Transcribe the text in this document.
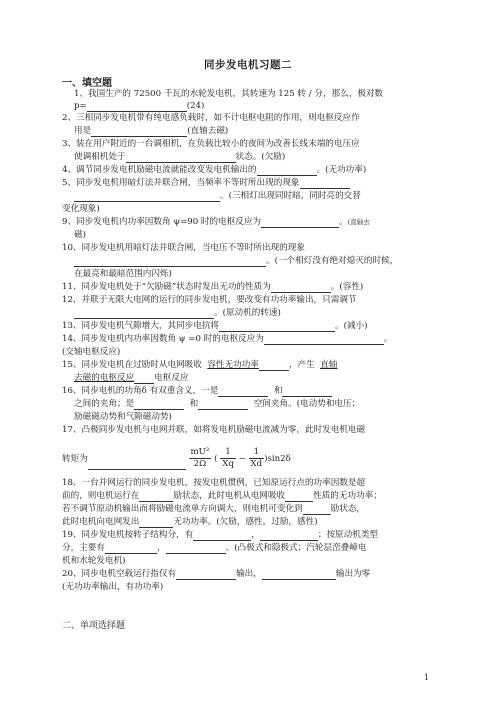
同步发电机习题二
一、填空题
1、我国生产的 72500 千瓦的水轮发电机，其转速为 125 转 / 分，那么，极对数
p=	(24)
2、三相同步发电机带有纯电感负载时，如不计电枢电阻的作用，则电枢反应作
用是	(直轴去磁)
3、装在用户附近的一台调相机，在负载比较小的夜间为改善长线末端的电压应
使调相机处于	状态。(欠励)
4、调节同步发电机励磁电流就能改变发电机输出的	。(无功功率)
5、同步发电机用暗灯法并联合闸，当频率不等时所出现的现象
。(三相灯出现同时暗，同时亮的交替
变化现象)
9、同步发电机内功率因数角 ψ=90 时的电枢反应为	。(直轴去
磁)
10、同步发电机用暗灯法并联合闸，当电压不等时所出现的现象
。(一个相灯没有绝对熄灭的时候，
在最亮和最暗范围内闪烁)
11、同步发电机处于“欠励磁”状态时发出无功的性质为	。(容性)
12、并联于无限大电网的运行的同步发电机，要改变有功功率输出，只需调节
。(原动机的转速)
13、同步发电机气隙增大，其同步电抗将	。(减小)
14、同步发电机内功率因数角 ψ =0 时的电枢反应为	。
(交轴电枢反应)
15、同步发电机在过励时从电网吸收 容性无功功率	，产生 直轴
去磁的电枢反应 电枢反应
16、同步电机的功角δ 有双重含义，一是	和
之间的夹角；是	和	空间夹角。(电动势和电压；
励磁磁动势和气隙磁动势)
17、凸极同步发电机与电网并联，如将发电机励磁电流减为零，此时发电机电磁
转矩为	$\frac{\text{mU²}}{2\Omega}$ ( $\frac{1}{Xq} - \frac{1}{Xd} )\sin 2\delta$
18、一台并网运行的同步发电机，按发电机惯例，已知原运行点的功率因数是超
前的，则电机运行在	励状态，此时电机从电网吸收	性质的无功功率；
若不调节原动机输出而将励磁电流单方向调大，则电机可变化到	励状态，
此时电机向电网发出	无功功率。(欠励，感性，过励，感性)
19、同步发电机按转子结构分，有	，	；按原动机类型
分，主要有	，	。(凸极式和隐极式；汽轮层峦叠嶂电
机和水轮发电机)
20、同步电机空载运行指仅有	输出，	输出为零
(无功功率输出，有功功率)
二、单项选择题
1
